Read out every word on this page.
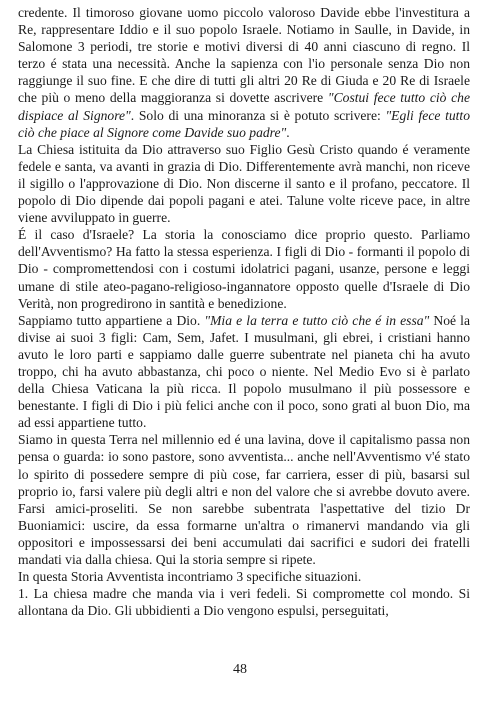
credente. Il timoroso giovane uomo piccolo valoroso Davide ebbe l'investitura a Re, rappresentare Iddio e il suo popolo Israele. Notiamo in Saulle, in Davide, in Salomone 3 periodi, tre storie e motivi diversi di 40 anni ciascuno di regno. Il terzo é stata una necessità. Anche la sapienza con l'io personale senza Dio non raggiunge il suo fine. E che dire di tutti gli altri 20 Re di Giuda e 20 Re di Israele che più o meno della maggioranza si dovette ascrivere "Costui fece tutto ciò che dispiace al Signore". Solo di una minoranza si è potuto scrivere: "Egli fece tutto ciò che piace al Signore come Davide suo padre".

La Chiesa istituita da Dio attraverso suo Figlio Gesù Cristo quando é veramente fedele e santa, va avanti in grazia di Dio. Differentemente avrà manchi, non riceve il sigillo o l'approvazione di Dio. Non discerne il santo e il profano, peccatore. Il popolo di Dio dipende dai popoli pagani e atei. Talune volte riceve pace, in altre viene avviluppato in guerre.

É il caso d'Israele? La storia la conosciamo dice proprio questo. Parliamo dell'Avventismo? Ha fatto la stessa esperienza. I figli di Dio - formanti il popolo di Dio - compromettendosi con i costumi idolatrici pagani, usanze, persone e leggi umane di stile ateo-pagano-religioso-ingannatore opposto quelle d'Israele di Dio Verità, non progredirono in santità e benedizione.

Sappiamo tutto appartiene a Dio. "Mia e la terra e tutto ciò che é in essa" Noé la divise ai suoi 3 figli: Cam, Sem, Jafet. I musulmani, gli ebrei, i cristiani hanno avuto le loro parti e sappiamo dalle guerre subentrate nel pianeta chi ha avuto troppo, chi ha avuto abbastanza, chi poco o niente. Nel Medio Evo si è parlato della Chiesa Vaticana la più ricca. Il popolo musulmano il più possessore e benestante. I figli di Dio i più felici anche con il poco, sono grati al buon Dio, ma ad essi appartiene tutto.

Siamo in questa Terra nel millennio ed é una lavina, dove il capitalismo passa non pensa o guarda: io sono pastore, sono avventista... anche nell'Avventismo v'é stato lo spirito di possedere sempre di più cose, far carriera, esser di più, basarsi sul proprio io, farsi valere più degli altri e non del valore che si avrebbe dovuto avere. Farsi amici-proseliti. Se non sarebbe subentrata l'aspettative del tizio Dr Buoniamici: uscire, da essa formarne un'altra o rimanervi mandando via gli oppositori e impossessarsi dei beni accumulati dai sacrifici e sudori dei fratelli mandati via dalla chiesa. Qui la storia sempre si ripete.

In questa Storia Avventista incontriamo 3 specifiche situazioni.

1. La chiesa madre che manda via i veri fedeli. Si compromette col mondo. Si allontana da Dio. Gli ubbidienti a Dio vengono espulsi, perseguitati,

48
